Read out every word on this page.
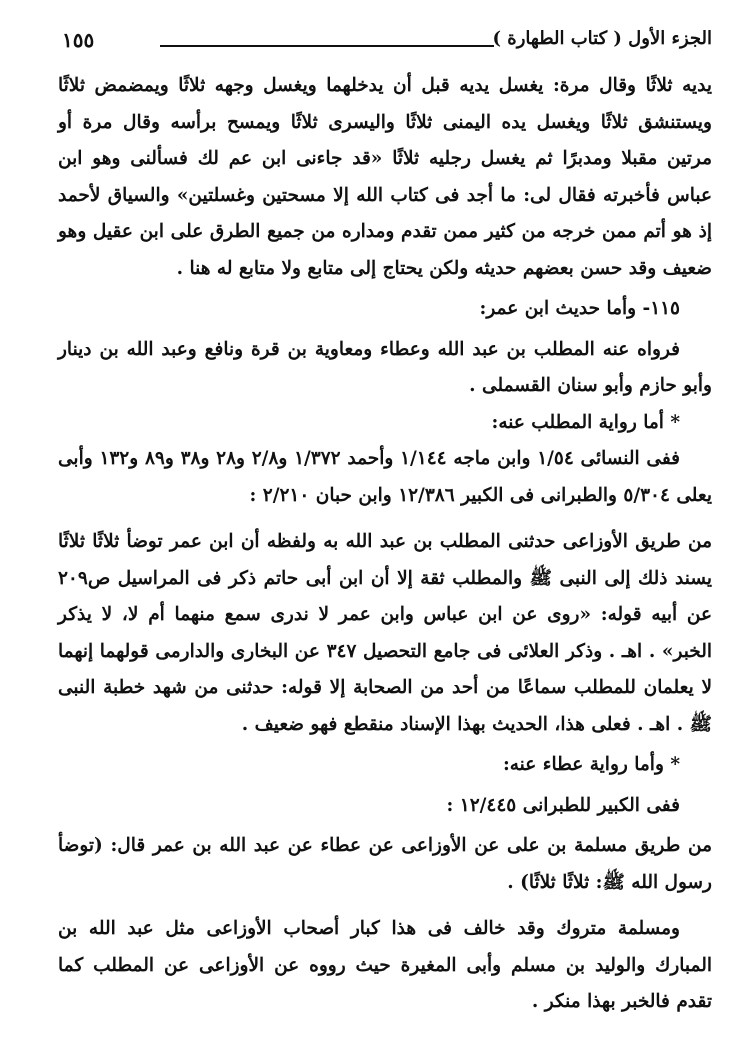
الجزء الأول ( كتاب الطهارة )
١٥٥

يديه ثلاثًا وقال مرة: يغسل يديه قبل أن يدخلهما ويغسل وجهه ثلاثًا ويمضمض ثلاثًا ويستنشق ثلاثًا ويغسل يده اليمنى ثلاثًا واليسرى ثلاثًا ويمسح برأسه وقال مرة أو مرتين مقبلا ومدبرًا ثم يغسل رجليه ثلاثًا «قد جاءنى ابن عم لك فسألنى وهو ابن عباس فأخبرته فقال لى: ما أجد فى كتاب الله إلا مسحتين وغسلتين» والسياق لأحمد إذ هو أتم ممن خرجه من كثير ممن تقدم ومداره من جميع الطرق على ابن عقيل وهو ضعيف وقد حسن بعضهم حديثه ولكن يحتاج إلى متابع ولا متابع له هنا .

١١٥- وأما حديث ابن عمر:

فرواه عنه المطلب بن عبد الله وعطاء ومعاوية بن قرة ونافع وعبد الله بن دينار وأبو حازم وأبو سنان القسملى .

* أما رواية المطلب عنه:

ففى النسائى ١/٥٤ وابن ماجه ١/١٤٤ وأحمد ١/٣٧٢ و٢/٨ و٢٨ و٣٨ و٨٩ و١٣٢ وأبى يعلى ٥/٣٠٤ والطبرانى فى الكبير ١٢/٣٨٦ وابن حبان ٢/٢١٠ :

من طريق الأوزاعى حدثنى المطلب بن عبد الله به ولفظه أن ابن عمر توضأ ثلاثًا ثلاثًا يسند ذلك إلى النبى ﷺ والمطلب ثقة إلا أن ابن أبى حاتم ذكر فى المراسيل ص٢٠٩ عن أبيه قوله: «روى عن ابن عباس وابن عمر لا ندرى سمع منهما أم لا، لا يذكر الخبر» . اهـ . وذكر العلائى فى جامع التحصيل ٣٤٧ عن البخارى والدارمى قولهما إنهما لا يعلمان للمطلب سماعًا من أحد من الصحابة إلا قوله: حدثنى من شهد خطبة النبى ﷺ . اهـ . فعلى هذا، الحديث بهذا الإسناد منقطع فهو ضعيف .

* وأما رواية عطاء عنه:

ففى الكبير للطبرانى ١٢/٤٤٥ :

من طريق مسلمة بن على عن الأوزاعى عن عطاء عن عبد الله بن عمر قال: (توضأ رسول الله ﷺ: ثلاثًا ثلاثًا) .

ومسلمة متروك وقد خالف فى هذا كبار أصحاب الأوزاعى مثل عبد الله بن المبارك والوليد بن مسلم وأبى المغيرة حيث رووه عن الأوزاعى عن المطلب كما تقدم فالخبر بهذا منكر .
